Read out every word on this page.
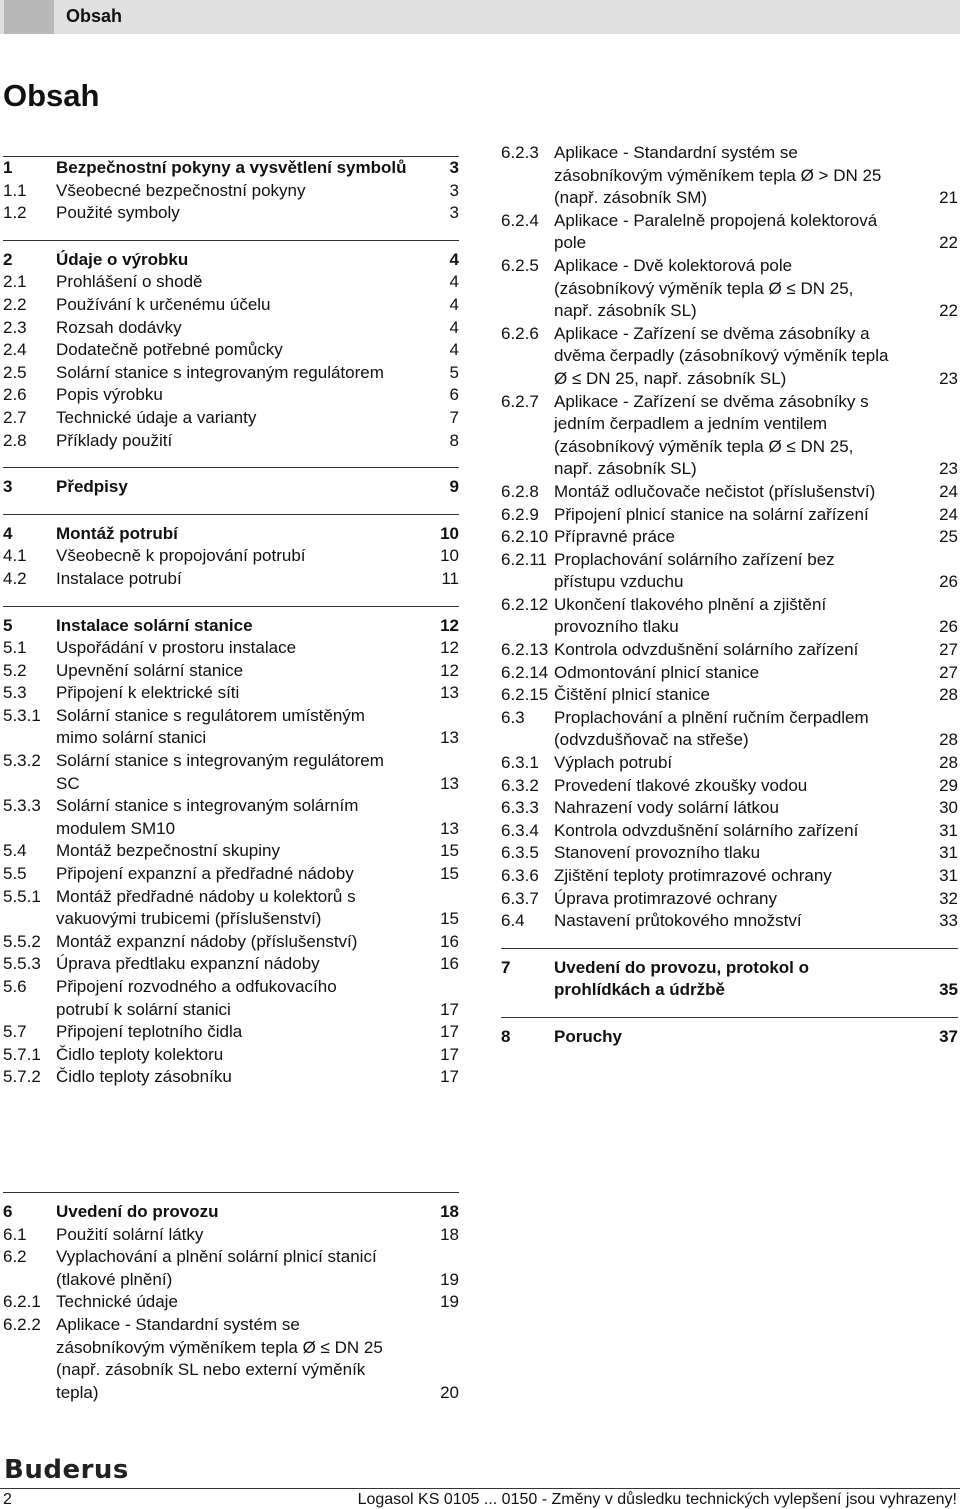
Obsah
Obsah
1	Bezpečnostní pokyny a vysvětlení symbolů	3
1.1	Všeobecné bezpečnostní pokyny	3
1.2	Použité symboly	3
2	Údaje o výrobku	4
2.1	Prohlášení o shodě	4
2.2	Používání k určenému účelu	4
2.3	Rozsah dodávky	4
2.4	Dodatečně potřebné pomůcky	4
2.5	Solární stanice s integrovaným regulátorem	5
2.6	Popis výrobku	6
2.7	Technické údaje a varianty	7
2.8	Příklady použití	8
3	Předpisy	9
4	Montáž potrubí	10
4.1	Všeobecně k propojování potrubí	10
4.2	Instalace potrubí	11
5	Instalace solární stanice	12
5.1	Uspořádání v prostoru instalace	12
5.2	Upevnění solární stanice	12
5.3	Připojení k elektrické síti	13
5.3.1 Solární stanice s regulátorem umístěným
mimo solární stanici	13
5.3.2 Solární stanice s integrovaným regulátorem
SC	13
5.3.3 Solární stanice s integrovaným solárním
modulem SM10	13
5.4	Montáž bezpečnostní skupiny	15
5.5	Připojení expanzní a předřadné nádoby	15
5.5.1 Montáž předřadné nádoby u kolektorů s
vakuovými trubicemi (příslušenství)	15
5.5.2 Montáž expanzní nádoby (příslušenství)	16
5.5.3 Úprava předtlaku expanzní nádoby	16
5.6	Připojení rozvodného a odfukovacího
potrubí k solární stanici	17
5.7	Připojení teplotního čidla	17
5.7.1 Čidlo teploty kolektoru	17
5.7.2 Čidlo teploty zásobníku	17
6	Uvedení do provozu	18
6.1	Použití solární látky	18
6.2	Vyplachování a plnění solární plnicí stanicí
(tlakové plnění)	19
6.2.1 Technické údaje	19
6.2.2 Aplikace - Standardní systém se
zásobníkovým výměníkem tepla Ø ≤ DN 25
(např. zásobník SL nebo externí výměník
tepla)	20
6.2.3 Aplikace - Standardní systém se
zásobníkovým výměníkem tepla Ø > DN 25
(např. zásobník SM)	21
6.2.4 Aplikace - Paralelně propojená kolektorová
pole	22
6.2.5 Aplikace - Dvě kolektorová pole
(zásobníkový výměník tepla Ø ≤ DN 25,
např. zásobník SL)	22
6.2.6 Aplikace - Zařízení se dvěma zásobníky a
dvěma čerpadly (zásobníkový výměník tepla
Ø ≤ DN 25, např. zásobník SL)	23
6.2.7 Aplikace - Zařízení se dvěma zásobníky s
jedním čerpadlem a jedním ventilem
(zásobníkový výměník tepla Ø ≤ DN 25,
např. zásobník SL)	23
6.2.8 Montáž odlučovače nečistot (příslušenství)	24
6.2.9 Připojení plnicí stanice na solární zařízení	24
6.2.10 Přípravné práce	25
6.2.11 Proplachování solárního zařízení bez
přístupu vzduchu	26
6.2.12 Ukončení tlakového plnění a zjištění
provozního tlaku	26
6.2.13 Kontrola odvzdušnění solárního zařízení	27
6.2.14 Odmontování plnicí stanice	27
6.2.15 Čištění plnicí stanice	28
6.3	Proplachování a plnění ručním čerpadlem
(odvzdušňovač na střeše)	28
6.3.1 Výplach potrubí	28
6.3.2 Provedení tlakové zkoušky vodou	29
6.3.3 Nahrazení vody solární látkou	30
6.3.4 Kontrola odvzdušnění solárního zařízení	31
6.3.5 Stanovení provozního tlaku	31
6.3.6 Zjištění teploty protimrazové ochrany	31
6.3.7 Úprava protimrazové ochrany	32
6.4	Nastavení průtokového množství	33
7	Uvedení do provozu, protokol o
prohlídkách a údržbě	35
8	Poruchy	37
Buderus
2	Logasol KS 0105 ... 0150 - Změny v důsledku technických vylepšení jsou vyhrazeny!
